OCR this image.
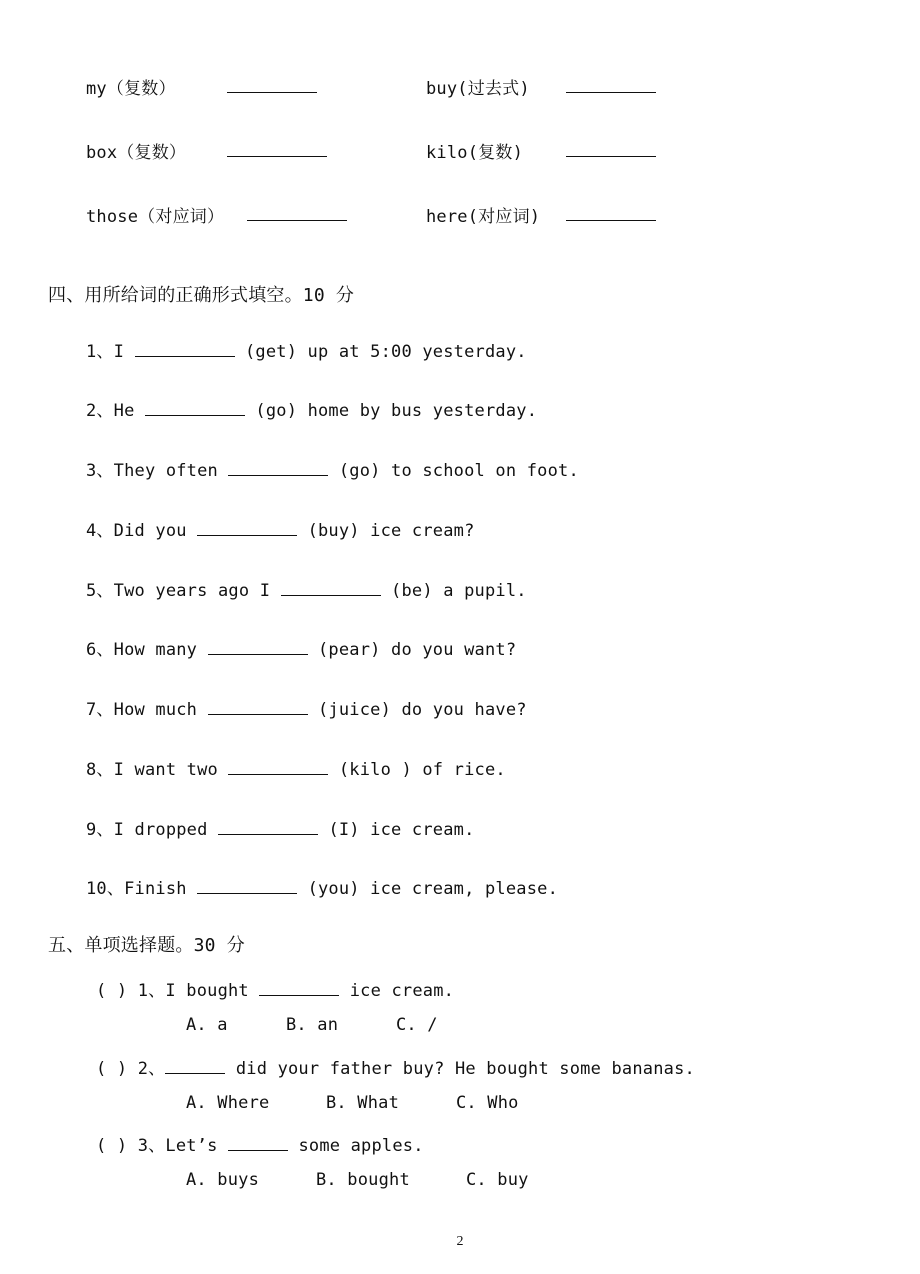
my（复数）	buy(过去式)
box（复数）	kilo(复数)
those（对应词）	here(对应词)
四、用所给词的正确形式填空。10 分
1、I	(get) up at 5:00 yesterday.
2、He	(go) home by bus yesterday.
3、They often	(go) to school on foot.
4、Did you	(buy) ice cream?
5、Two years ago I	(be) a pupil.
6、How many	(pear) do you want?
7、How much	(juice) do you have?
8、I want two	(kilo ) of rice.
9、I dropped	(I) ice cream.
10、Finish	(you) ice cream, please.
五、单项选择题。30 分
( ) 1、I bought	ice cream.
A. a	B. an	C. /
( ) 2、	did your father buy? He bought some bananas.
A. Where	B. What	C. Who
( ) 3、Let’s	some apples.
A. buys	B. bought	C. buy
2
